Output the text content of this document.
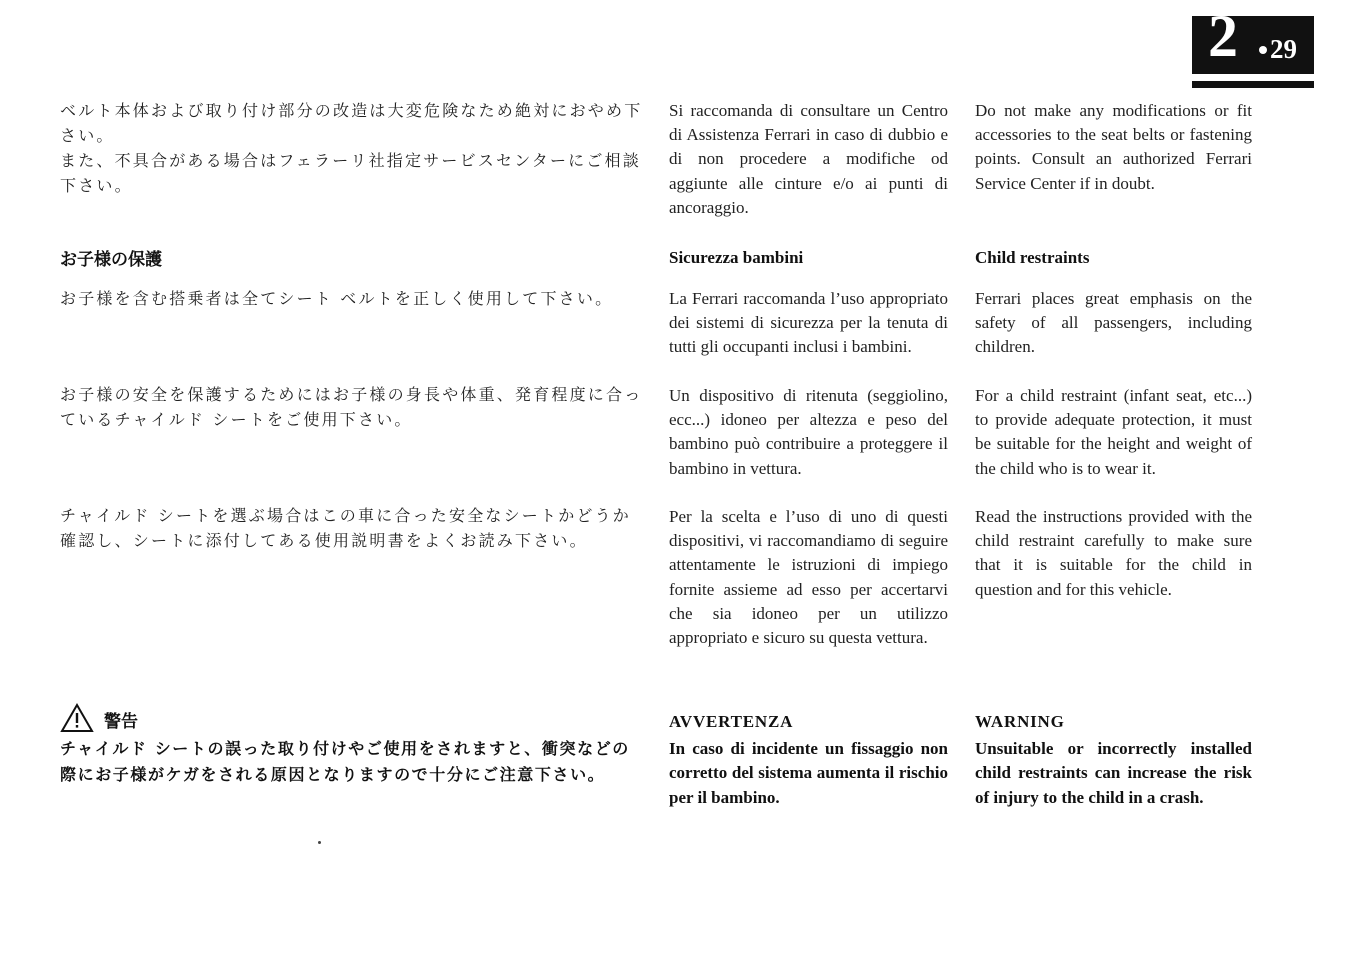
2 29
ベルト本体および取り付け部分の改造は大変危険なため絶対におやめ下さい。
また、不具合がある場合はフェラーリ社指定サービスセンターにご相談下さい。
お子様の保護
お子様を含む搭乗者は全てシート ベルトを正しく使用して下さい。
お子様の安全を保護するためにはお子様の身長や体重、発育程度に合っているチャイルド シートをご使用下さい。
チャイルド シートを選ぶ場合はこの車に合った安全なシートかどうか確認し、シートに添付してある使用説明書をよくお読み下さい。
警告
チャイルド シートの誤った取り付けやご使用をされますと、衝突などの際にお子様がケガをされる原因となりますので十分にご注意下さい。
Si raccomanda di consultare un Centro di Assistenza Ferrari in caso di dubbio e di non procedere a modifiche od aggiunte alle cinture e/o ai punti di ancoraggio.
Sicurezza bambini
La Ferrari raccomanda l’uso appropriato dei sistemi di sicurezza per la tenuta di tutti gli occupanti inclusi i bambini.
Un dispositivo di ritenuta (seggiolino, ecc...) idoneo per altezza e peso del bambino può contribuire a proteggere il bambino in vettura.
Per la scelta e l’uso di uno di questi dispositivi, vi raccomandiamo di seguire attentamente le istruzioni di impiego fornite assieme ad esso per accertarvi che sia idoneo per un utilizzo appropriato e sicuro su questa vettura.
AVVERTENZA
In caso di incidente un fissaggio non corretto del sistema aumenta il rischio per il bambino.
Do not make any modifications or fit accessories to the seat belts or fastening points. Consult an authorized Ferrari Service Center if in doubt.
Child restraints
Ferrari places great emphasis on the safety of all passengers, including children.
For a child restraint (infant seat, etc...) to provide adequate protection, it must be suitable for the height and weight of the child who is to wear it.
Read the instructions provided with the child restraint carefully to make sure that it is suitable for the child in question and for this vehicle.
WARNING
Unsuitable or incorrectly installed child restraints can increase the risk of injury to the child in a crash.
